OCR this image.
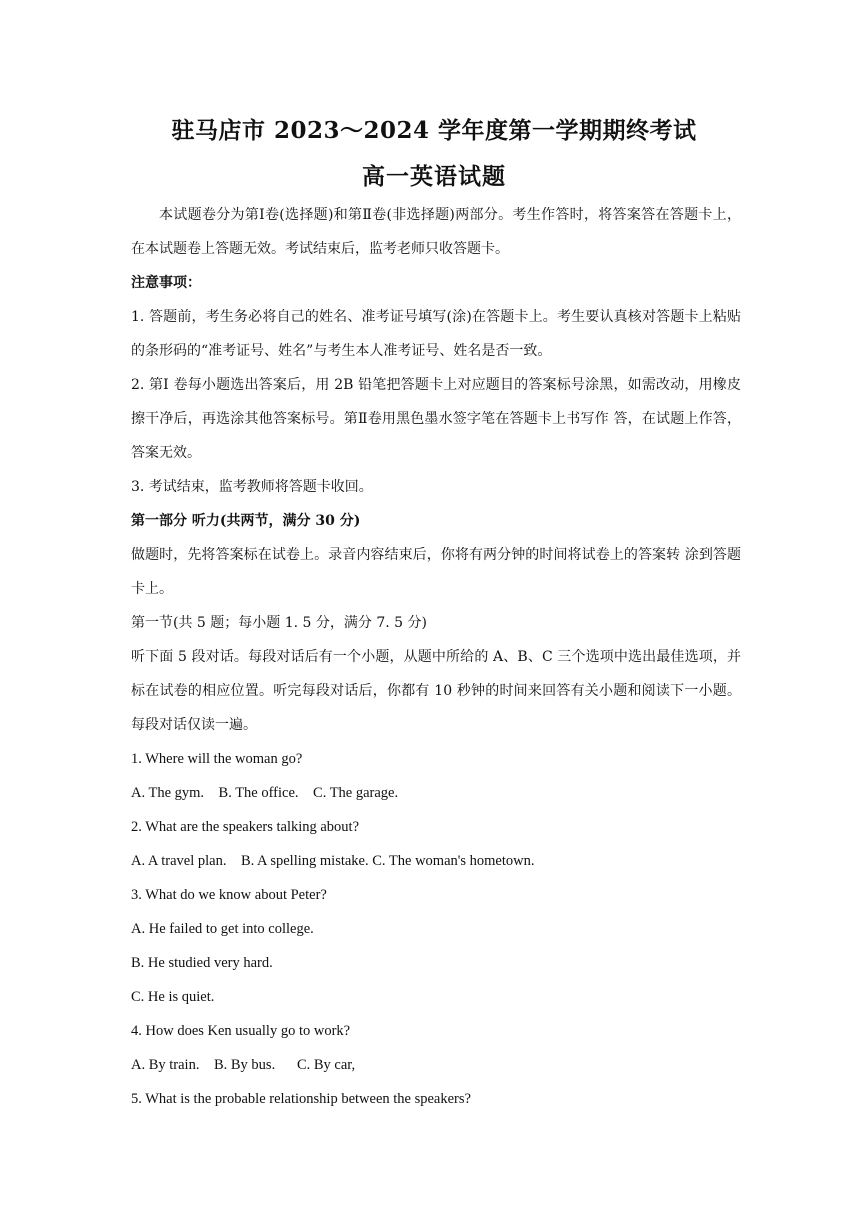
驻马店市 2023～2024 学年度第一学期期终考试
高一英语试题

本试题卷分为第Ⅰ卷(选择题)和第Ⅱ卷(非选择题)两部分。考生作答时，将答案答在答题卡上，在本试题卷上答题无效。考试结束后，监考老师只收答题卡。

注意事项：

1. 答题前，考生务必将自己的姓名、准考证号填写(涂)在答题卡上。考生要认真核对答题卡上粘贴的条形码的“准考证号、姓名”与考生本人准考证号、姓名是否一致。

2. 第Ⅰ 卷每小题选出答案后，用 2B 铅笔把答题卡上对应题目的答案标号涂黑，如需改动，用橡皮擦干净后，再选涂其他答案标号。第Ⅱ卷用黑色墨水签字笔在答题卡上书写作 答，在试题上作答，答案无效。

3. 考试结束，监考教师将答题卡收回。

第一部分 听力(共两节，满分 30 分)

做题时，先将答案标在试卷上。录音内容结束后，你将有两分钟的时间将试卷上的答案转 涂到答题卡上。

第一节(共 5 题；每小题 1. 5 分，满分 7. 5 分)

听下面 5 段对话。每段对话后有一个小题，从题中所给的 A、B、C 三个选项中选出最佳选项，并标在试卷的相应位置。听完每段对话后，你都有 10 秒钟的时间来回答有关小题和阅读下一小题。每段对话仅读一遍。

1. Where will the woman go?

A. The gym.    B. The office.    C. The garage.

2. What are the speakers talking about?

A. A travel plan.    B. A spelling mistake. C. The woman's hometown.

3. What do we know about Peter?

A. He failed to get into college.

B. He studied very hard.

C. He is quiet.

4. How does Ken usually go to work?

A. By train.    B. By bus.      C. By car,

5. What is the probable relationship between the speakers?
